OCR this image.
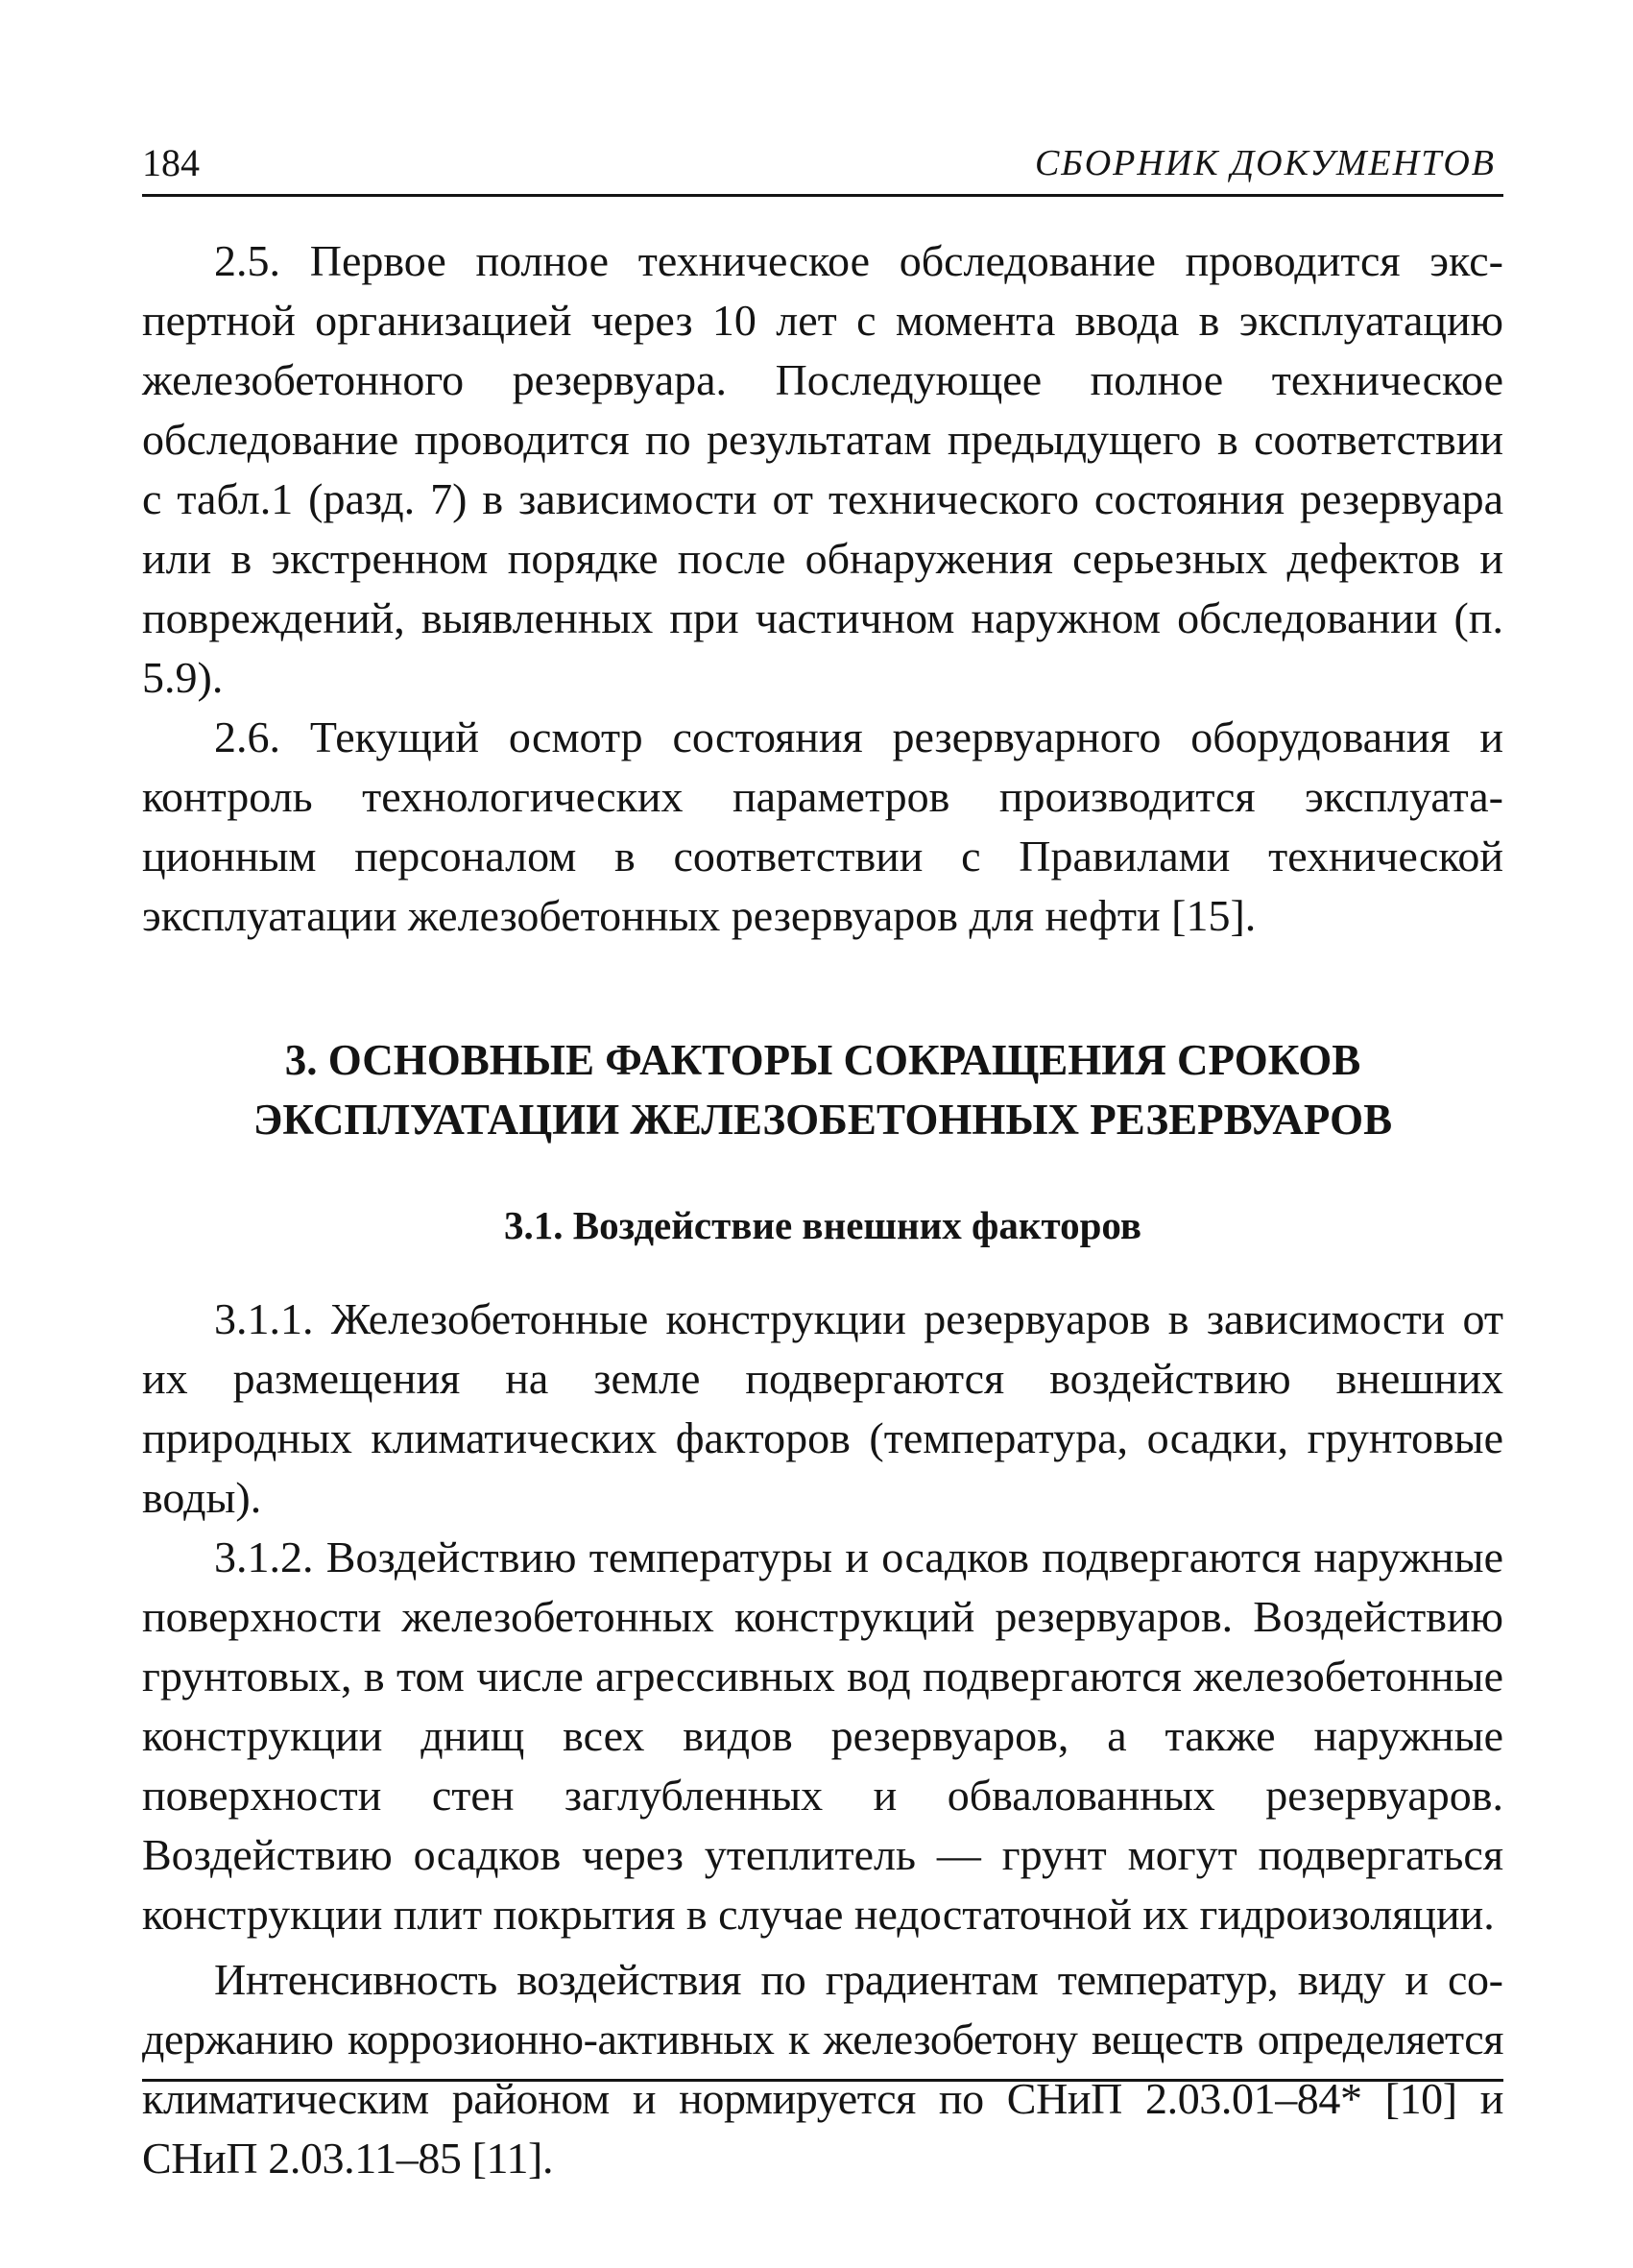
184	СБОРНИК ДОКУМЕНТОВ

2.5. Первое полное техническое обследование проводится экспертной организацией через 10 лет с момента ввода в эксплуатацию железобетонного резервуара. Последующее полное техническое обследование проводится по результатам предыдущего в соответствии с табл.1 (разд. 7) в зависимости от технического состояния резервуара или в экстренном порядке после обнаружения серьезных дефектов и повреждений, выявленных при частичном наружном обследовании (п. 5.9).

2.6. Текущий осмотр состояния резервуарного оборудования и контроль технологических параметров производится эксплуатационным персоналом в соответствии с Правилами технической эксплуатации железобетонных резервуаров для нефти [15].

3. ОСНОВНЫЕ ФАКТОРЫ СОКРАЩЕНИЯ СРОКОВ
ЭКСПЛУАТАЦИИ ЖЕЛЕЗОБЕТОННЫХ РЕЗЕРВУАРОВ
3.1. Воздействие внешних факторов

3.1.1. Железобетонные конструкции резервуаров в зависимости от их размещения на земле подвергаются воздействию внешних природных климатических факторов (температура, осадки, грунтовые воды).

3.1.2. Воздействию температуры и осадков подвергаются наружные поверхности железобетонных конструкций резервуаров. Воздействию грунтовых, в том числе агрессивных вод подвергаются железобетонные конструкции днищ всех видов резервуаров, а также наружные поверхности стен заглубленных и обвалованных резервуаров. Воздействию осадков через утеплитель — грунт могут подвергаться конструкции плит покрытия в случае недостаточной их гидроизоляции.

Интенсивность воздействия по градиентам температур, виду и содержанию коррозионно-активных к железобетону веществ определяется климатическим районом и нормируется по СНиП 2.03.01–84* [10] и СНиП 2.03.11–85 [11].
